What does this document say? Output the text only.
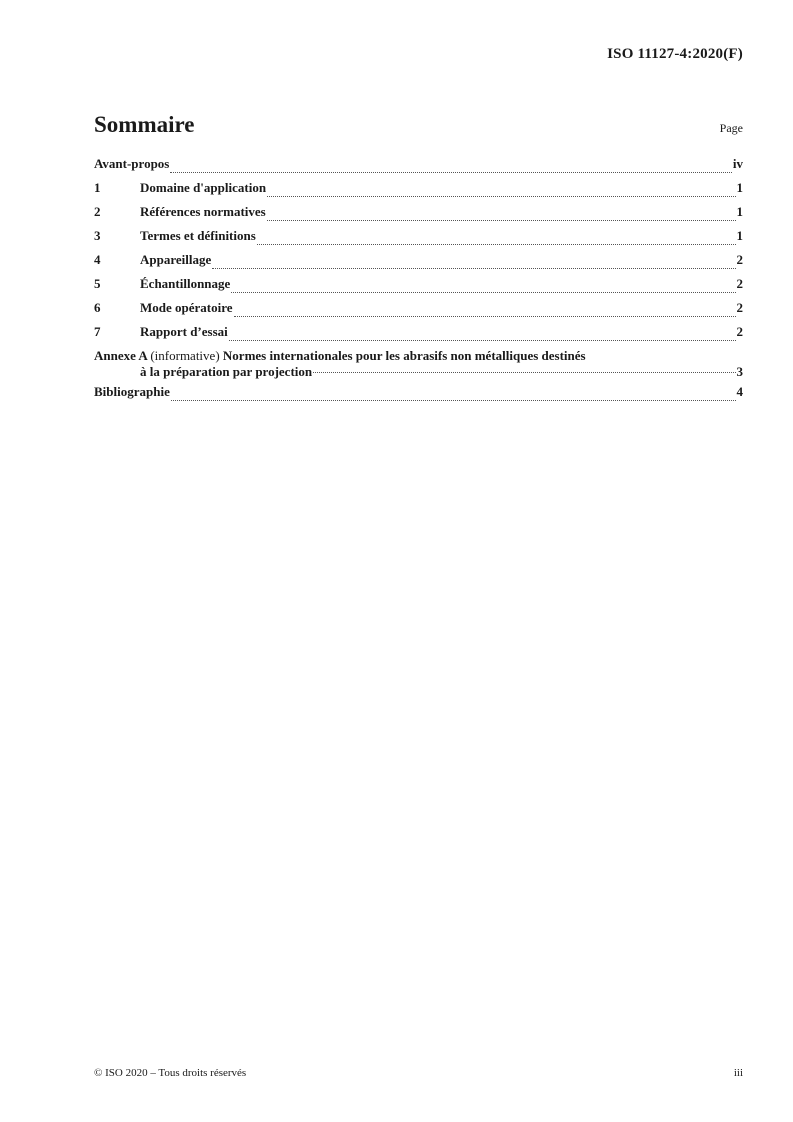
ISO 11127-4:2020(F)
Sommaire	Page
Avant-propos	iv
1	Domaine d'application	1
2	Références normatives	1
3	Termes et définitions	1
4	Appareillage	2
5	Échantillonnage	2
6	Mode opératoire	2
7	Rapport d’essai	2
Annexe A (informative) Normes internationales pour les abrasifs non métalliques destinés
à la préparation par projection	3
Bibliographie	4
© ISO 2020 – Tous droits réservés	iii
